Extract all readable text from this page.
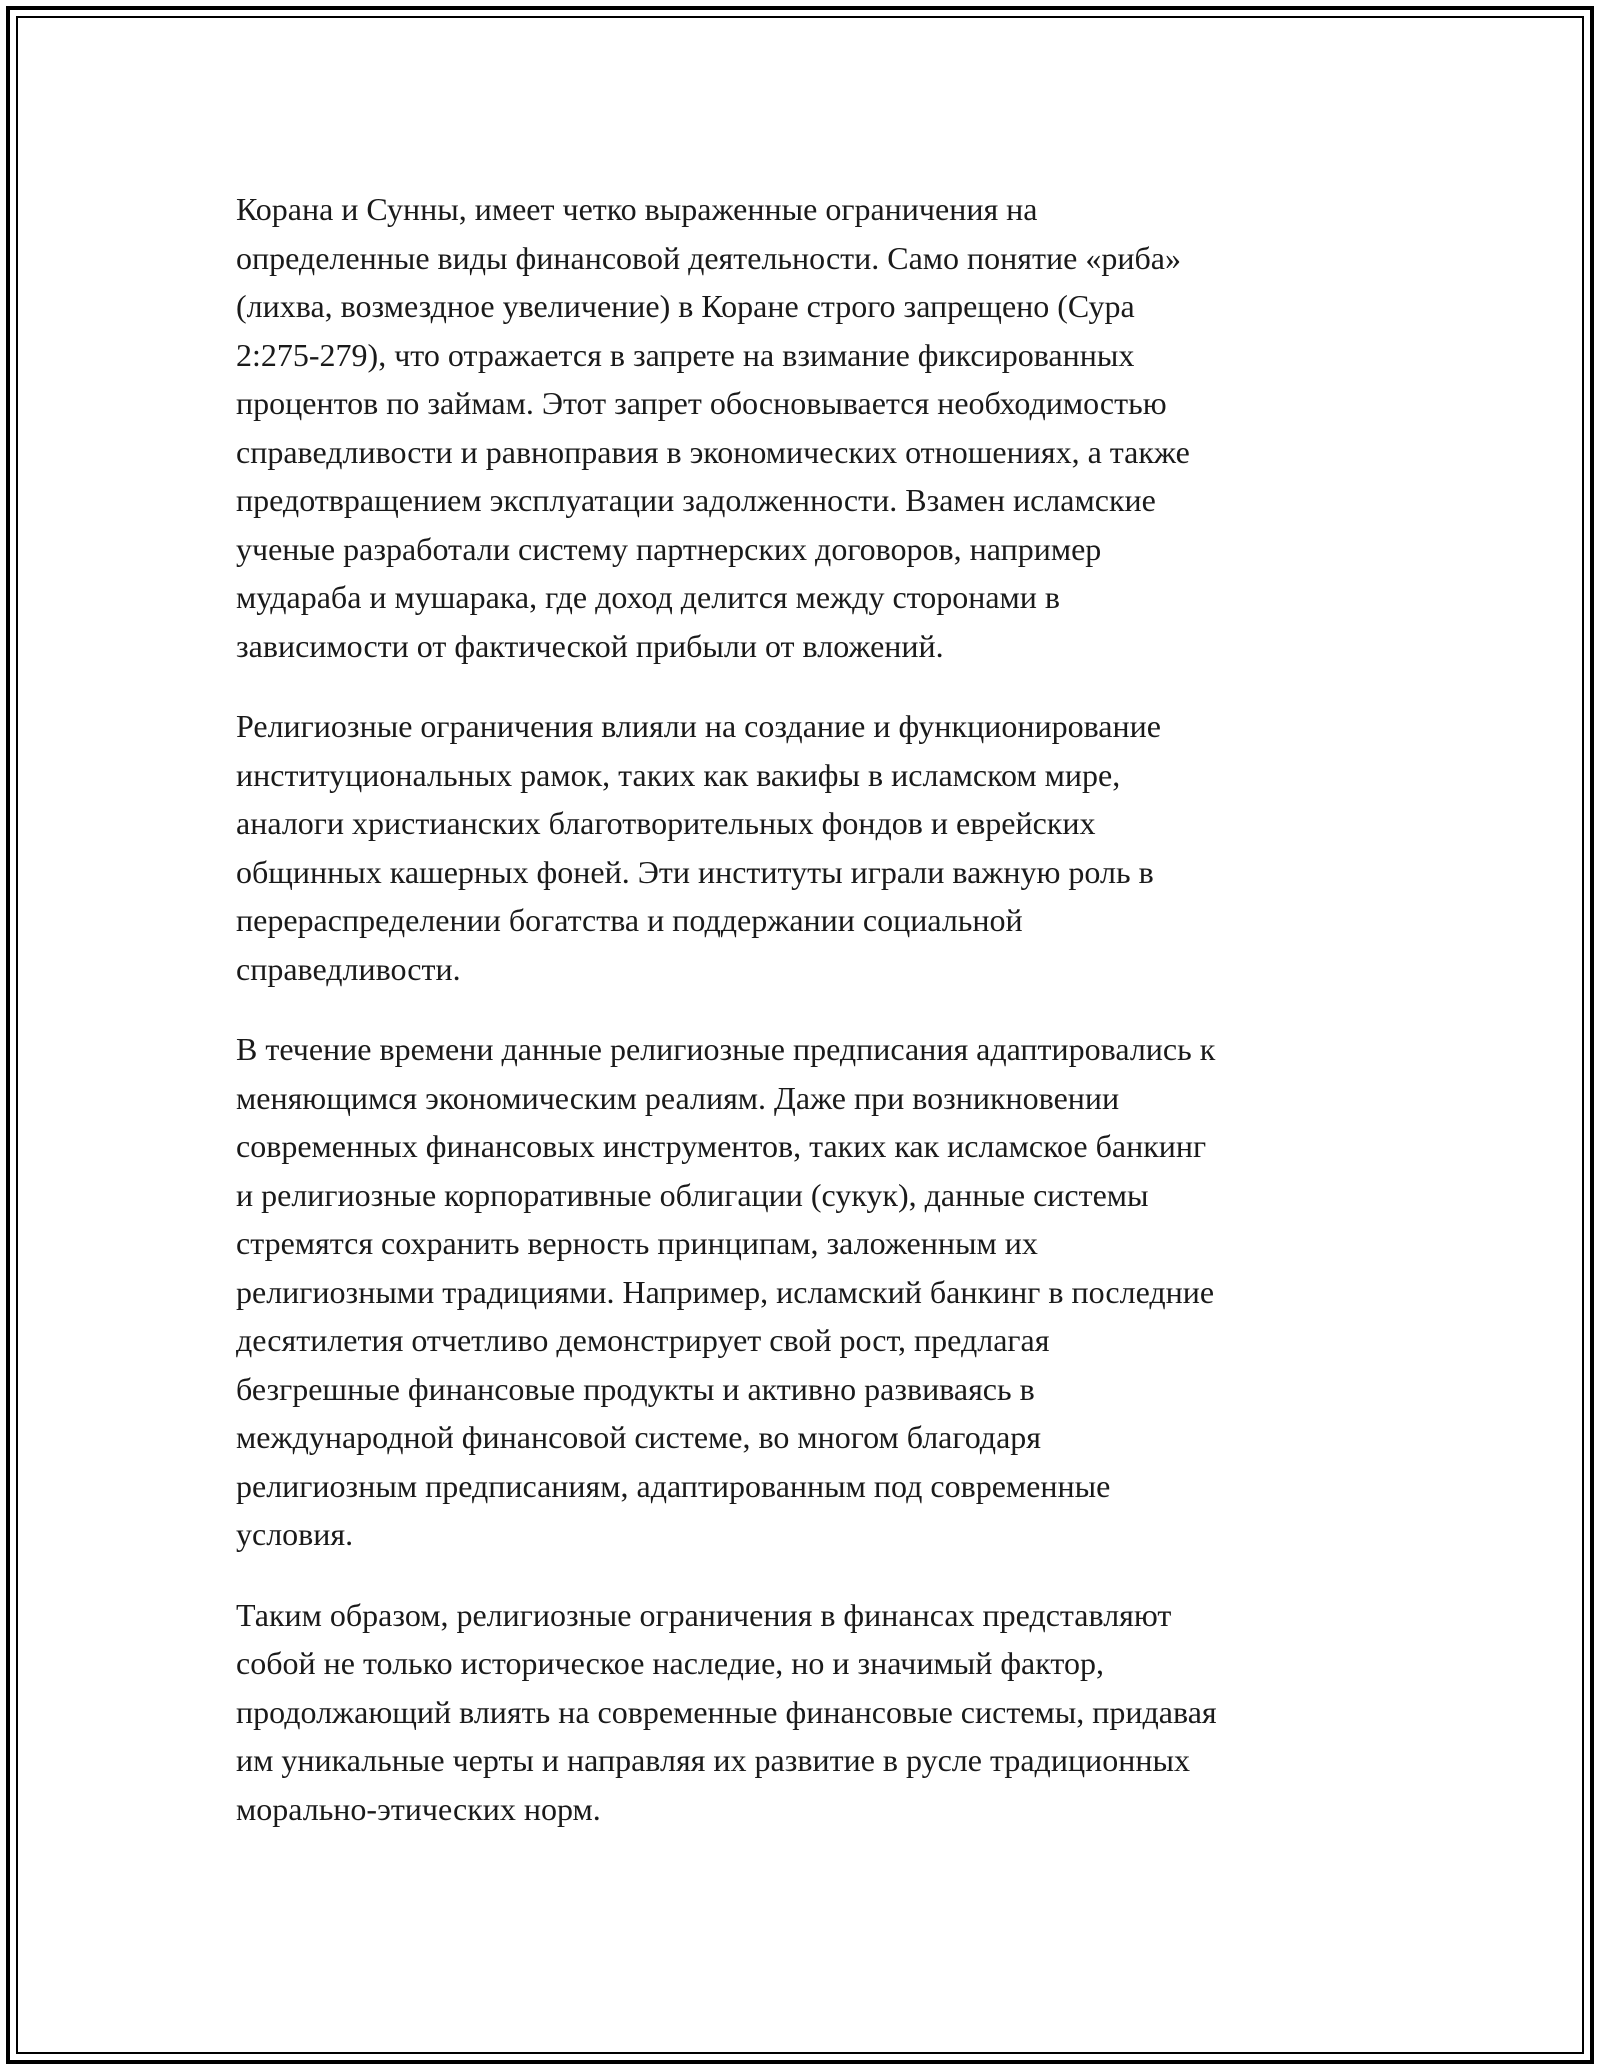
Корана и Сунны, имеет четко выраженные ограничения на
определенные виды финансовой деятельности. Само понятие «риба»
(лихва, возмездное увеличение) в Коране строго запрещено (Сура
2:275-279), что отражается в запрете на взимание фиксированных
процентов по займам. Этот запрет обосновывается необходимостью
справедливости и равноправия в экономических отношениях, а также
предотвращением эксплуатации задолженности. Взамен исламские
ученые разработали систему партнерских договоров, например
мудараба и мушарака, где доход делится между сторонами в
зависимости от фактической прибыли от вложений.

Религиозные ограничения влияли на создание и функционирование
институциональных рамок, таких как вакифы в исламском мире,
аналоги христианских благотворительных фондов и еврейских
общинных кашерных фоней. Эти институты играли важную роль в
перераспределении богатства и поддержании социальной
справедливости.

В течение времени данные религиозные предписания адаптировались к
меняющимся экономическим реалиям. Даже при возникновении
современных финансовых инструментов, таких как исламское банкинг
и религиозные корпоративные облигации (сукук), данные системы
стремятся сохранить верность принципам, заложенным их
религиозными традициями. Например, исламский банкинг в последние
десятилетия отчетливо демонстрирует свой рост, предлагая
безгрешные финансовые продукты и активно развиваясь в
международной финансовой системе, во многом благодаря
религиозным предписаниям, адаптированным под современные
условия.

Таким образом, религиозные ограничения в финансах представляют
собой не только историческое наследие, но и значимый фактор,
продолжающий влиять на современные финансовые системы, придавая
им уникальные черты и направляя их развитие в русле традиционных
морально-этических норм.
